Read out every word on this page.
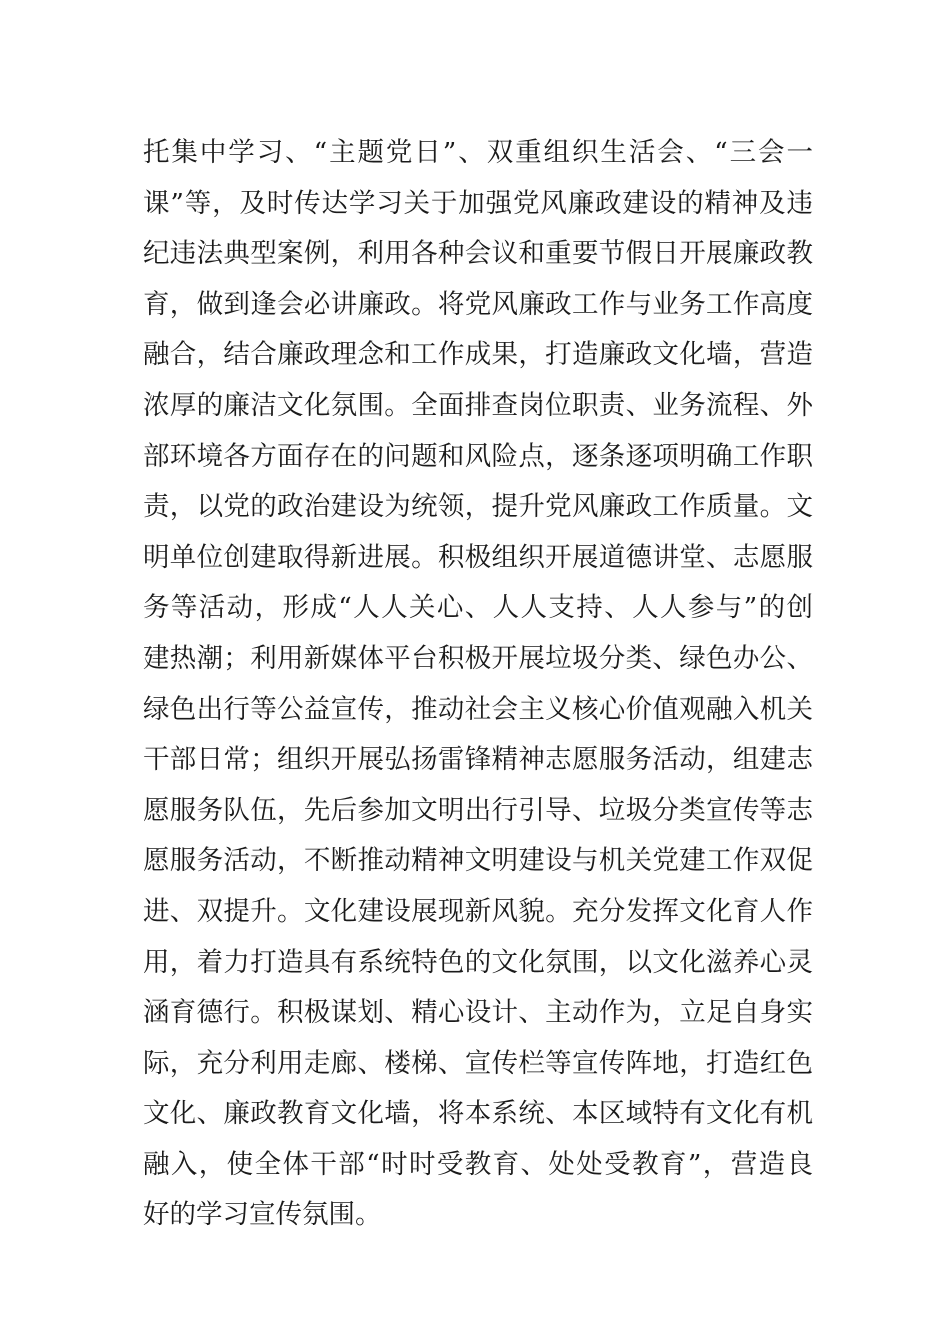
托集中学习、“主题党日”、双重组织生活会、“三会一
课”等，及时传达学习关于加强党风廉政建设的精神及违
纪违法典型案例，利用各种会议和重要节假日开展廉政教
育，做到逢会必讲廉政。将党风廉政工作与业务工作高度
融合，结合廉政理念和工作成果，打造廉政文化墙，营造
浓厚的廉洁文化氛围。全面排查岗位职责、业务流程、外
部环境各方面存在的问题和风险点，逐条逐项明确工作职
责，以党的政治建设为统领，提升党风廉政工作质量。文
明单位创建取得新进展。积极组织开展道德讲堂、志愿服
务等活动，形成“人人关心、人人支持、人人参与”的创
建热潮；利用新媒体平台积极开展垃圾分类、绿色办公、
绿色出行等公益宣传，推动社会主义核心价值观融入机关
干部日常；组织开展弘扬雷锋精神志愿服务活动，组建志
愿服务队伍，先后参加文明出行引导、垃圾分类宣传等志
愿服务活动，不断推动精神文明建设与机关党建工作双促
进、双提升。文化建设展现新风貌。充分发挥文化育人作
用，着力打造具有系统特色的文化氛围，以文化滋养心灵
涵育德行。积极谋划、精心设计、主动作为，立足自身实
际，充分利用走廊、楼梯、宣传栏等宣传阵地，打造红色
文化、廉政教育文化墙，将本系统、本区域特有文化有机
融入，使全体干部“时时受教育、处处受教育”，营造良
好的学习宣传氛围。
